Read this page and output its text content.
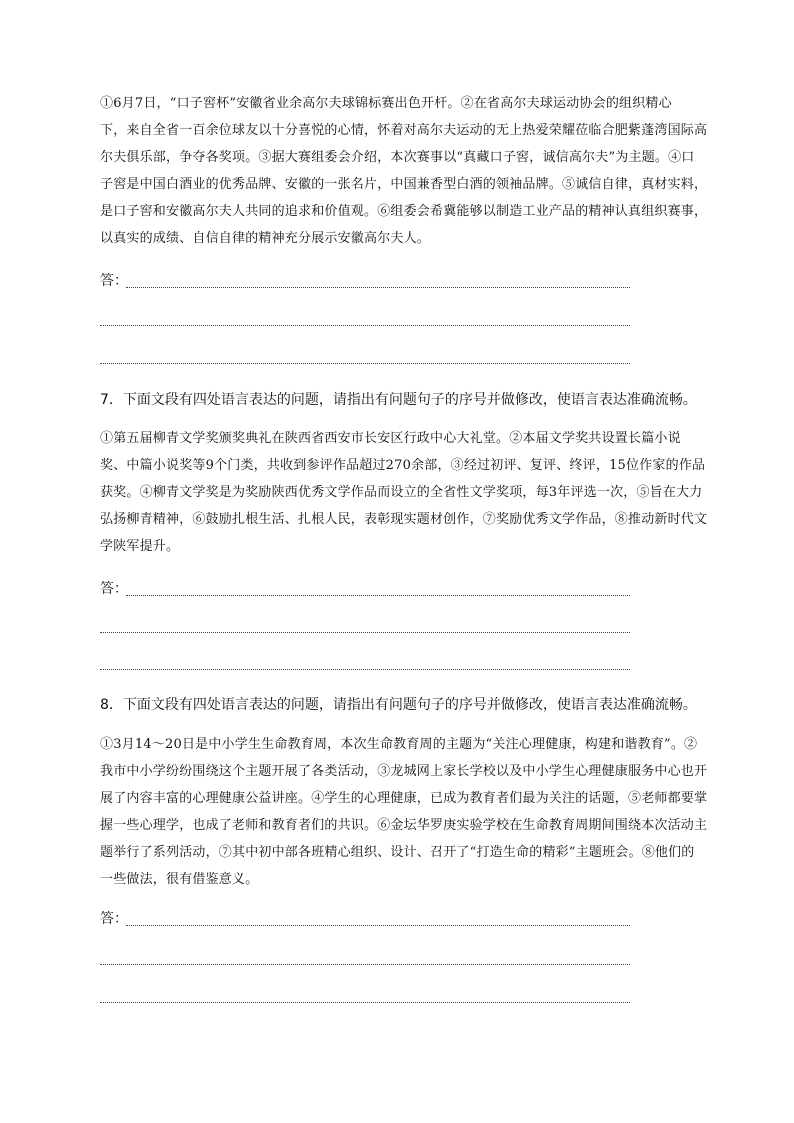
①6月7日，“口子窖杯”安徽省业余高尔夫球锦标赛出色开杆。②在省高尔夫球运动协会的组织精心
下，来自全省一百余位球友以十分喜悦的心情，怀着对高尔夫运动的无上热爱荣耀莅临合肥紫蓬湾国际高
尔夫俱乐部，争夺各奖项。③据大赛组委会介绍，本次赛事以“真藏口子窖，诚信高尔夫”为主题。④口
子窖是中国白酒业的优秀品牌、安徽的一张名片，中国兼香型白酒的领袖品牌。⑤诚信自律，真材实料，
是口子窖和安徽高尔夫人共同的追求和价值观。⑥组委会希冀能够以制造工业产品的精神认真组织赛事，
以真实的成绩、自信自律的精神充分展示安徽高尔夫人。
答：
7．下面文段有四处语言表达的问题，请指出有问题句子的序号并做修改，使语言表达准确流畅。
①第五届柳青文学奖颁奖典礼在陕西省西安市长安区行政中心大礼堂。②本届文学奖共设置长篇小说
奖、中篇小说奖等9个门类，共收到参评作品超过270余部，③经过初评、复评、终评，15位作家的作品
获奖。④柳青文学奖是为奖励陕西优秀文学作品而设立的全省性文学奖项，每3年评选一次，⑤旨在大力
弘扬柳青精神，⑥鼓励扎根生活、扎根人民，表彰现实题材创作，⑦奖励优秀文学作品，⑧推动新时代文
学陕军提升。
答：
8．下面文段有四处语言表达的问题，请指出有问题句子的序号并做修改，使语言表达准确流畅。
①3月14～20日是中小学生生命教育周，本次生命教育周的主题为“关注心理健康，构建和谐教育”。②
我市中小学纷纷围绕这个主题开展了各类活动，③龙城网上家长学校以及中小学生心理健康服务中心也开
展了内容丰富的心理健康公益讲座。④学生的心理健康，已成为教育者们最为关注的话题，⑤老师都要掌
握一些心理学，也成了老师和教育者们的共识。⑥金坛华罗庚实验学校在生命教育周期间围绕本次活动主
题举行了系列活动，⑦其中初中部各班精心组织、设计、召开了“打造生命的精彩”主题班会。⑧他们的
一些做法，很有借鉴意义。
答：
